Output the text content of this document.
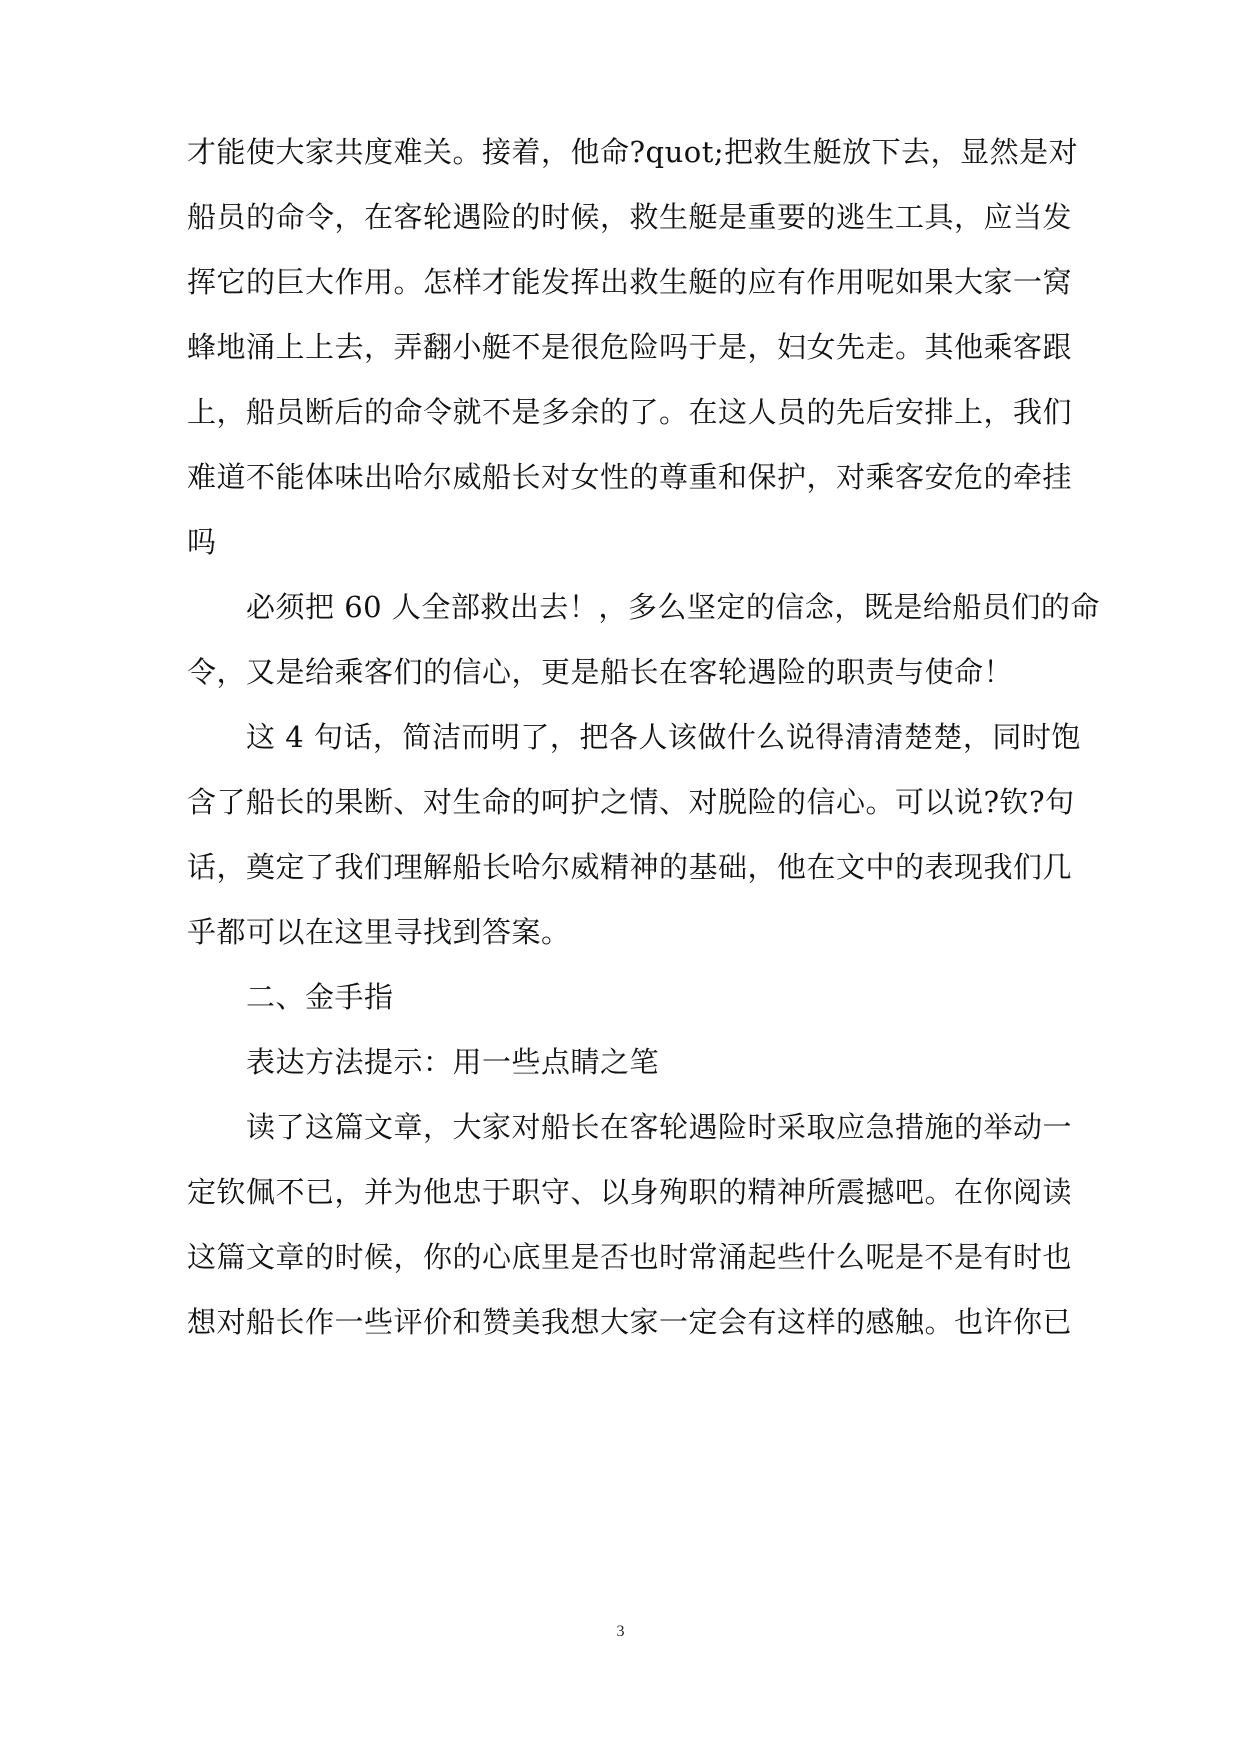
才能使大家共度难关。接着，他命?quot;把救生艇放下去，显然是对
船员的命令，在客轮遇险的时候，救生艇是重要的逃生工具，应当发
挥它的巨大作用。怎样才能发挥出救生艇的应有作用呢如果大家一窝
蜂地涌上上去，弄翻小艇不是很危险吗于是，妇女先走。其他乘客跟
上，船员断后的命令就不是多余的了。在这人员的先后安排上，我们
难道不能体味出哈尔威船长对女性的尊重和保护，对乘客安危的牵挂
吗
必须把 60 人全部救出去！，多么坚定的信念，既是给船员们的命
令，又是给乘客们的信心，更是船长在客轮遇险的职责与使命！
这 4 句话，简洁而明了，把各人该做什么说得清清楚楚，同时饱
含了船长的果断、对生命的呵护之情、对脱险的信心。可以说?钦?句
话，奠定了我们理解船长哈尔威精神的基础，他在文中的表现我们几
乎都可以在这里寻找到答案。
二、金手指
表达方法提示：用一些点睛之笔
读了这篇文章，大家对船长在客轮遇险时采取应急措施的举动一
定钦佩不已，并为他忠于职守、以身殉职的精神所震撼吧。在你阅读
这篇文章的时候，你的心底里是否也时常涌起些什么呢是不是有时也
想对船长作一些评价和赞美我想大家一定会有这样的感触。也许你已
3
